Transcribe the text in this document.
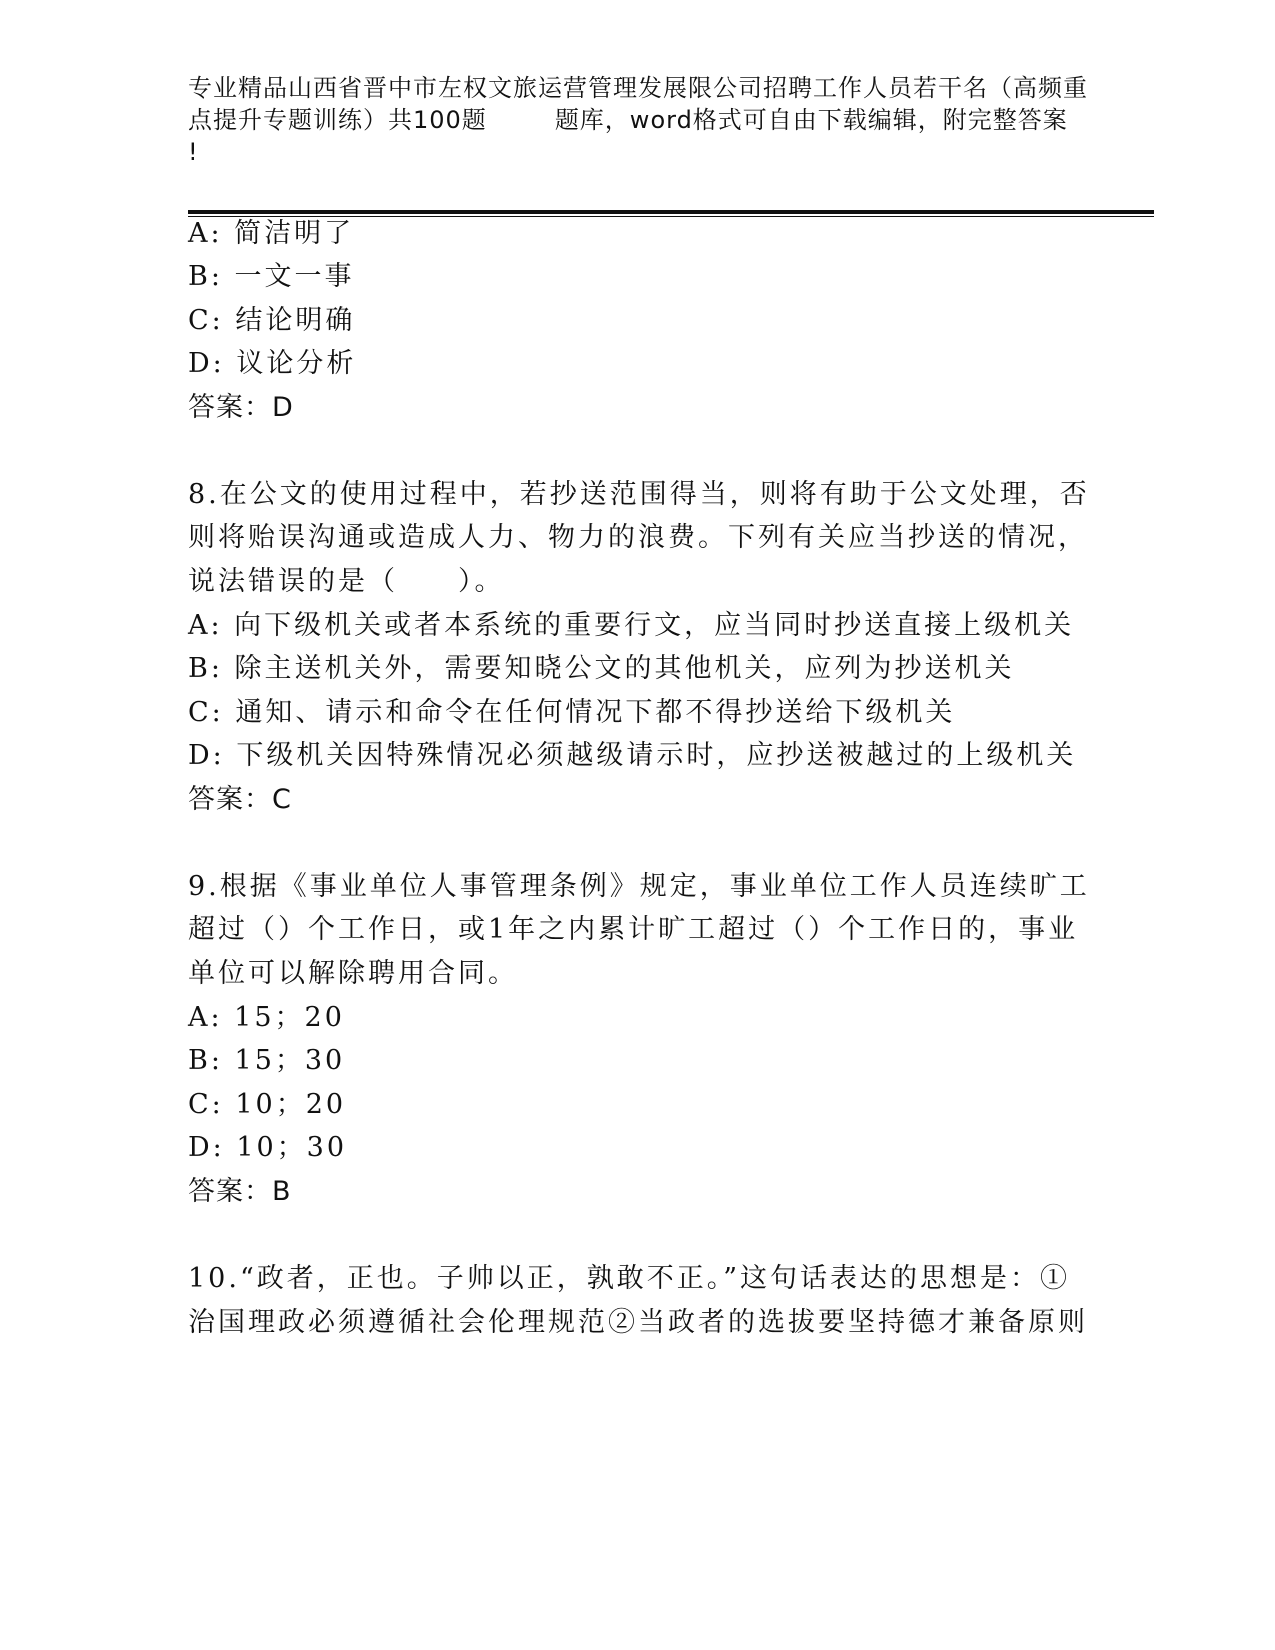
专业精品山西省晋中市左权文旅运营管理发展限公司招聘工作人员若干名（高频重
点提升专题训练）共100题	题库，word格式可自由下载编辑，附完整答案
!
A: 简洁明了
B: 一文一事
C: 结论明确
D: 议论分析
答案：D
8.在公文的使用过程中，若抄送范围得当，则将有助于公文处理，否
则将贻误沟通或造成人力、物力的浪费。下列有关应当抄送的情况，
说法错误的是（　　）。
A: 向下级机关或者本系统的重要行文，应当同时抄送直接上级机关
B: 除主送机关外，需要知晓公文的其他机关，应列为抄送机关
C: 通知、请示和命令在任何情况下都不得抄送给下级机关
D: 下级机关因特殊情况必须越级请示时，应抄送被越过的上级机关
答案：C
9.根据《事业单位人事管理条例》规定，事业单位工作人员连续旷工
超过（）个工作日，或1年之内累计旷工超过（）个工作日的，事业
单位可以解除聘用合同。
A: 15；20
B: 15；30
C: 10；20
D: 10；30
答案：B
10.“政者，正也。子帅以正，孰敢不正。”这句话表达的思想是：①
治国理政必须遵循社会伦理规范②当政者的选拔要坚持德才兼备原则
